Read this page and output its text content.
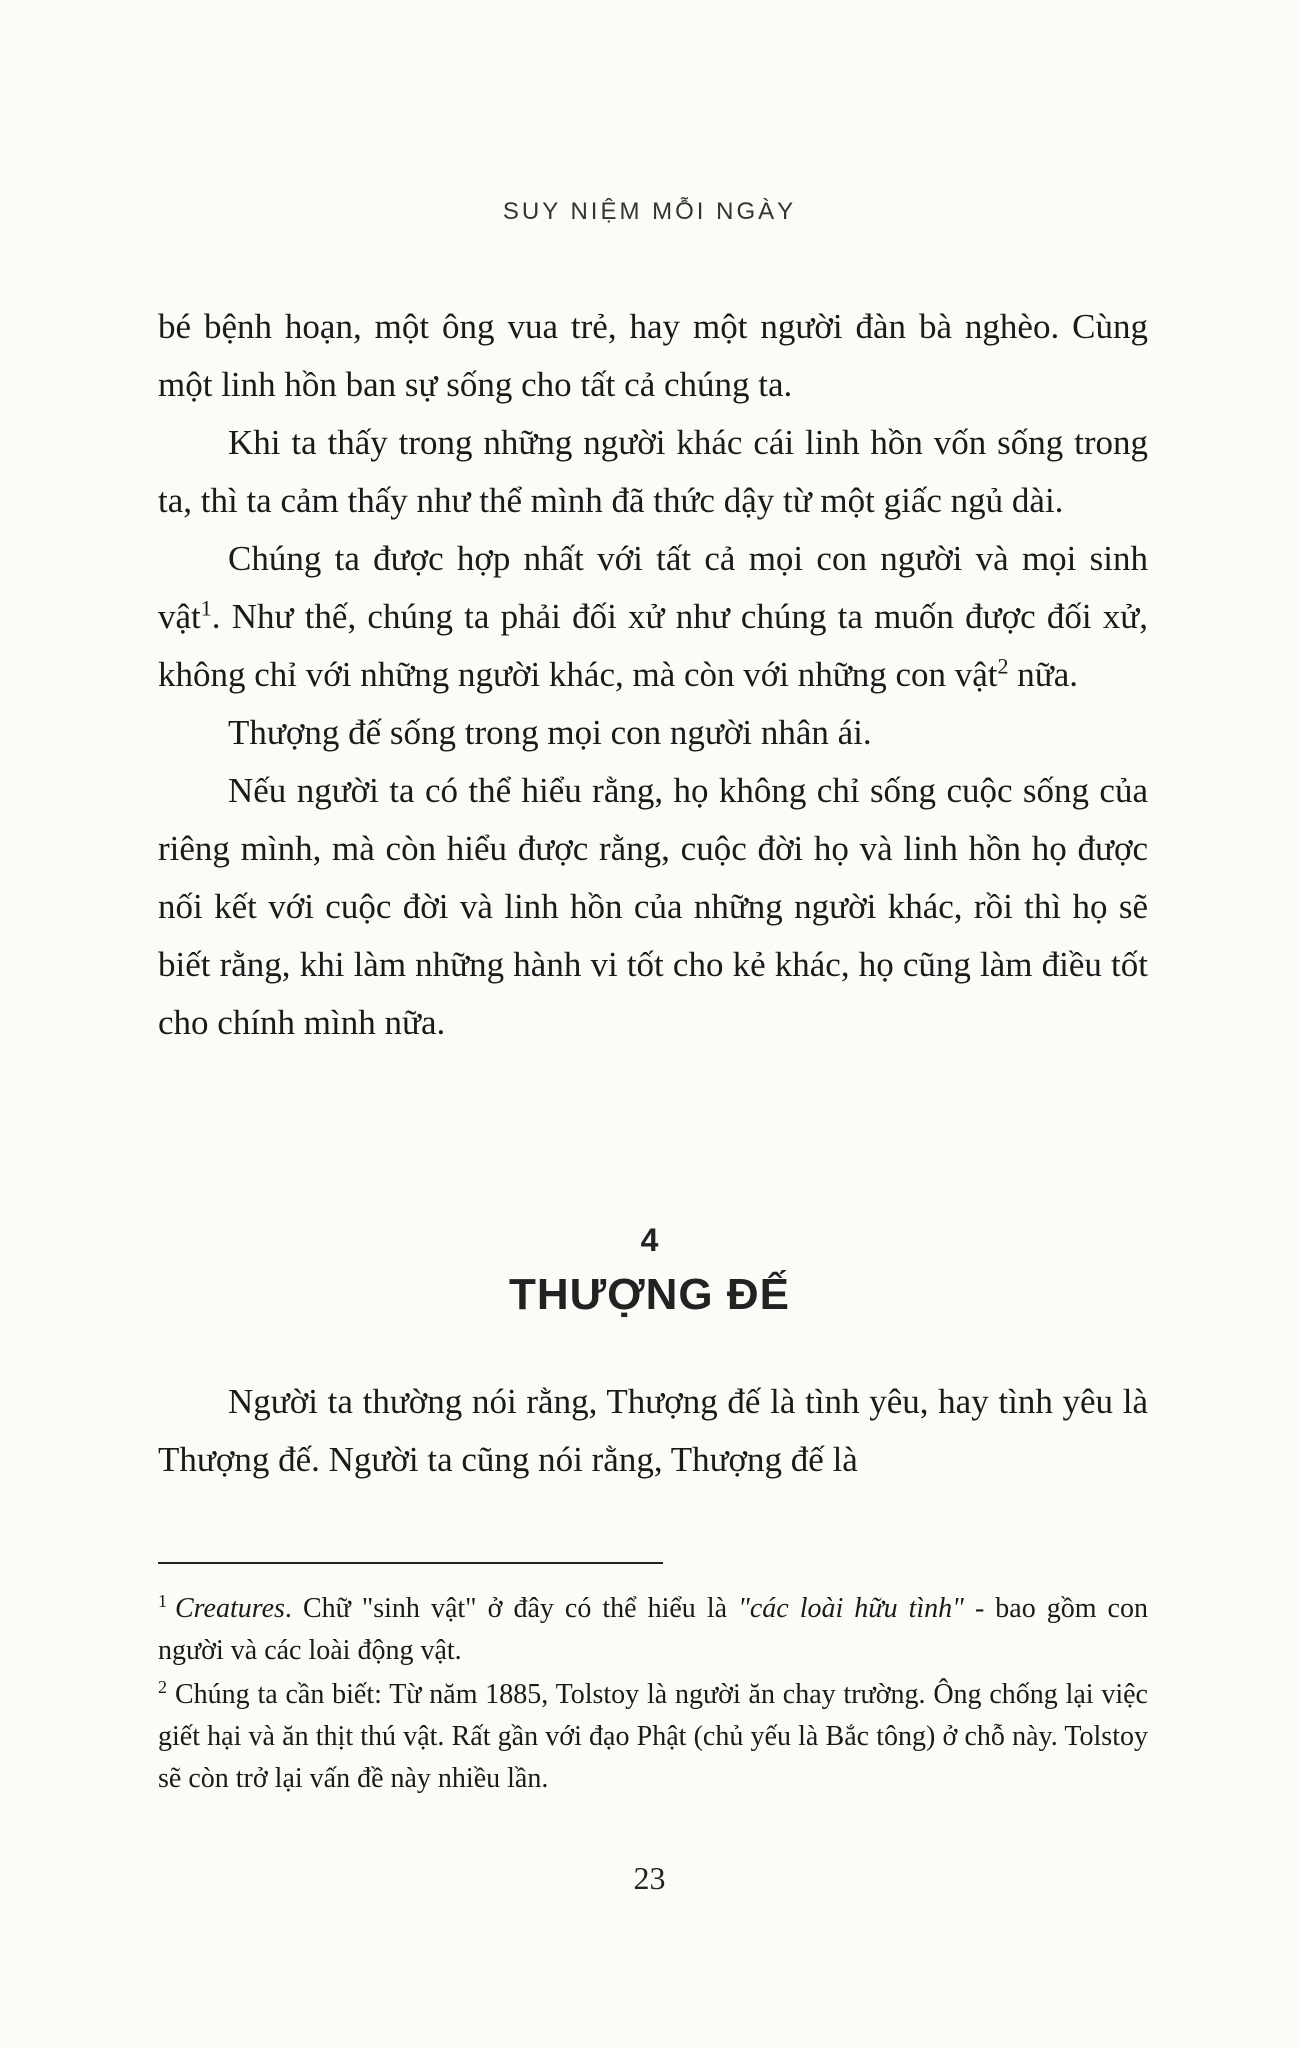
SUY NIỆM MỖI NGÀY

bé bệnh hoạn, một ông vua trẻ, hay một người đàn bà nghèo. Cùng một linh hồn ban sự sống cho tất cả chúng ta.

Khi ta thấy trong những người khác cái linh hồn vốn sống trong ta, thì ta cảm thấy như thể mình đã thức dậy từ một giấc ngủ dài.

Chúng ta được hợp nhất với tất cả mọi con người và mọi sinh vật$^1$. Như thế, chúng ta phải đối xử như chúng ta muốn được đối xử, không chỉ với những người khác, mà còn với những con vật$^2$ nữa.

Thượng đế sống trong mọi con người nhân ái.

Nếu người ta có thể hiểu rằng, họ không chỉ sống cuộc sống của riêng mình, mà còn hiểu được rằng, cuộc đời họ và linh hồn họ được nối kết với cuộc đời và linh hồn của những người khác, rồi thì họ sẽ biết rằng, khi làm những hành vi tốt cho kẻ khác, họ cũng làm điều tốt cho chính mình nữa.

4
THƯỢNG ĐẾ

Người ta thường nói rằng, Thượng đế là tình yêu, hay tình yêu là Thượng đế. Người ta cũng nói rằng, Thượng đế là

$^1$ Creatures. Chữ "sinh vật" ở đây có thể hiểu là "các loài hữu tình" - bao gồm con người và các loài động vật.

$^2$ Chúng ta cần biết: Từ năm 1885, Tolstoy là người ăn chay trường. Ông chống lại việc giết hại và ăn thịt thú vật. Rất gần với đạo Phật (chủ yếu là Bắc tông) ở chỗ này. Tolstoy sẽ còn trở lại vấn đề này nhiều lần.

23
